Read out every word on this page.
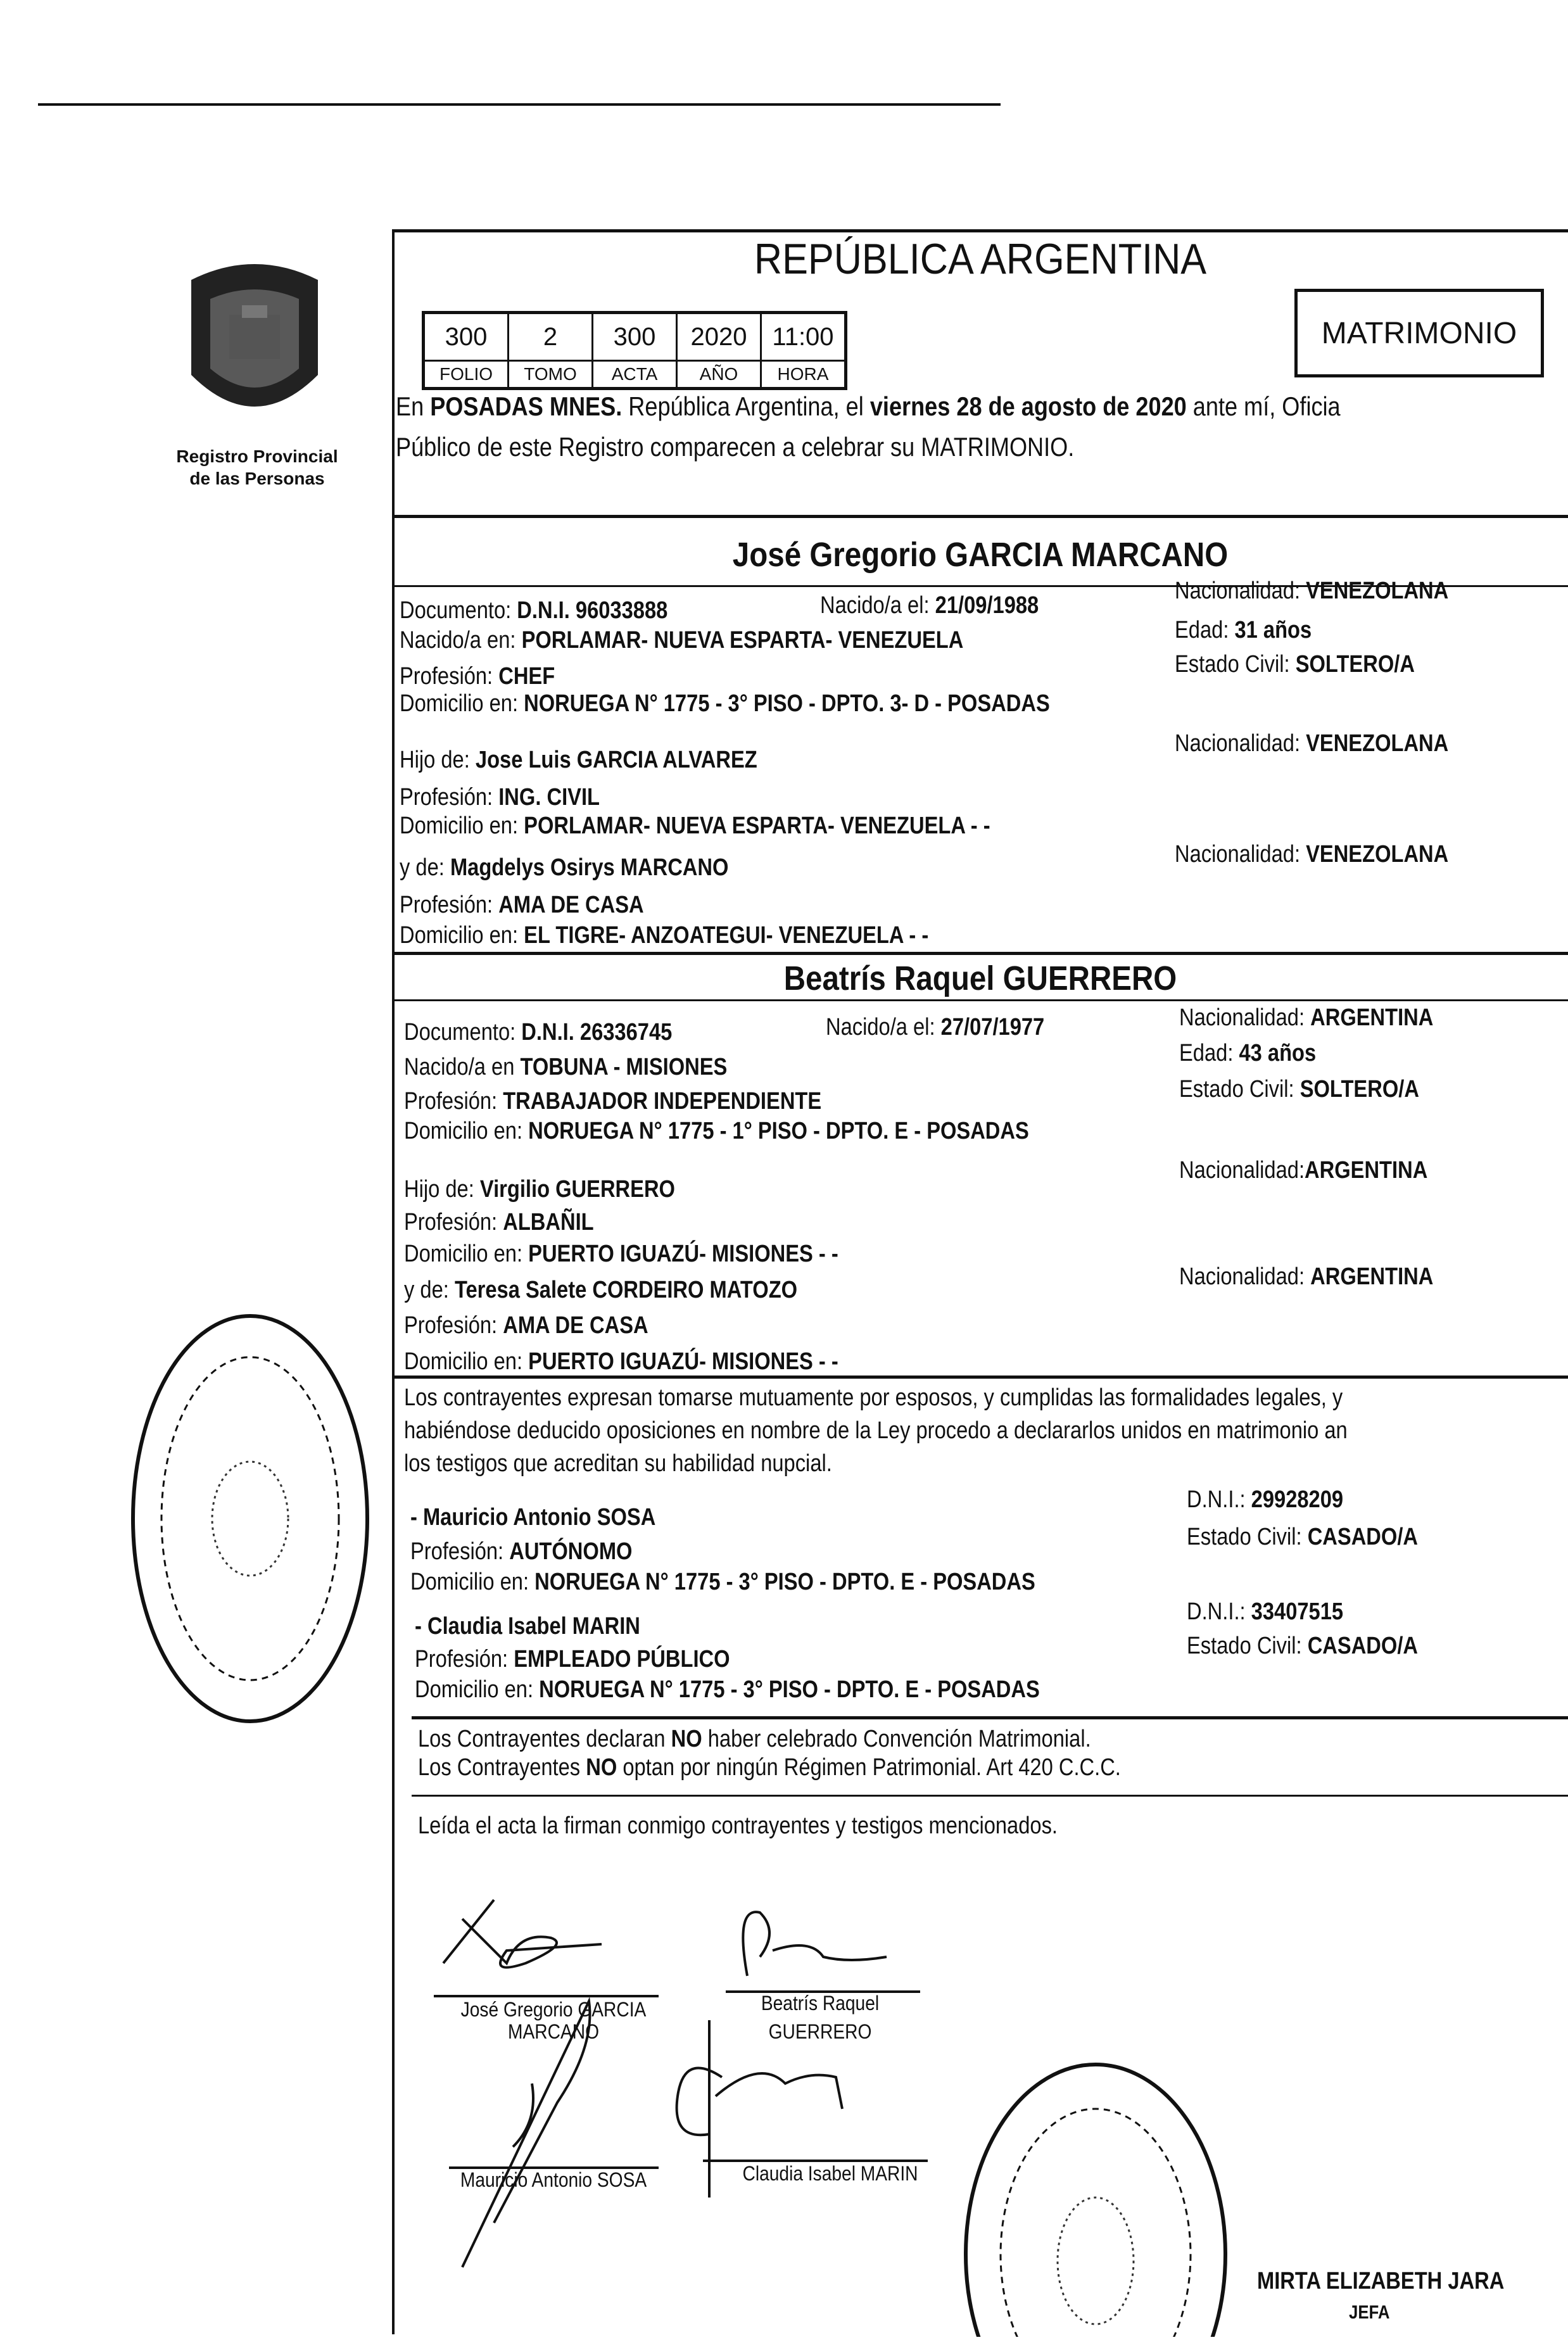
Registro Provincial
de las Personas
REPÚBLICA ARGENTINA
300	2	300	2020	11:00
FOLIO	TOMO	ACTA	AÑO	HORA
MATRIMONIO
En POSADAS MNES. República Argentina, el viernes 28 de agosto de 2020 ante mí, Oficia
Público de este Registro comparecen a celebrar su MATRIMONIO.
José Gregorio GARCIA MARCANO
Documento: D.N.I. 96033888	Nacido/a el: 21/09/1988
Nacionalidad: VENEZOLANA
Nacido/a en: PORLAMAR- NUEVA ESPARTA- VENEZUELA	Edad: 31 años
Estado Civil: SOLTERO/A
Profesión: CHEF
Domicilio en: NORUEGA N° 1775 - 3° PISO - DPTO. 3- D - POSADAS
Hijo de: Jose Luis GARCIA ALVAREZ
Nacionalidad: VENEZOLANA
Profesión: ING. CIVIL
Domicilio en: PORLAMAR- NUEVA ESPARTA- VENEZUELA - -
y de: Magdelys Osirys MARCANO	Nacionalidad: VENEZOLANA
Profesión: AMA DE CASA
Domicilio en: EL TIGRE- ANZOATEGUI- VENEZUELA - -
Beatrís Raquel GUERRERO
Documento: D.N.I. 26336745	Nacido/a el: 27/07/1977	Nacionalidad: ARGENTINA
Nacido/a en TOBUNA - MISIONES
Edad: 43 años
Estado Civil: SOLTERO/A
Profesión: TRABAJADOR INDEPENDIENTE
Domicilio en: NORUEGA N° 1775 - 1° PISO - DPTO. E - POSADAS
Hijo de: Virgilio GUERRERO
Nacionalidad:ARGENTINA
Profesión: ALBAÑIL
Domicilio en: PUERTO IGUAZÚ- MISIONES - -
y de: Teresa Salete CORDEIRO MATOZO	Nacionalidad: ARGENTINA
Profesión: AMA DE CASA
Domicilio en: PUERTO IGUAZÚ- MISIONES - -
Los contrayentes expresan tomarse mutuamente por esposos, y cumplidas las formalidades legales, y
habiéndose deducido oposiciones en nombre de la Ley procedo a declararlos unidos en matrimonio an
los testigos que acreditan su habilidad nupcial.
- Mauricio Antonio SOSA
D.N.I.: 29928209
Estado Civil: CASADO/A
Profesión: AUTÓNOMO
Domicilio en: NORUEGA N° 1775 - 3° PISO - DPTO. E - POSADAS
- Claudia Isabel MARIN
D.N.I.: 33407515
Estado Civil: CASADO/A
Profesión: EMPLEADO PÚBLICO
Domicilio en: NORUEGA N° 1775 - 3° PISO - DPTO. E - POSADAS
Los Contrayentes declaran NO haber celebrado Convención Matrimonial.
Los Contrayentes NO optan por ningún Régimen Patrimonial. Art 420 C.C.C.
Leída el acta la firman conmigo contrayentes y testigos mencionados.
José Gregorio GARCIA
MARCANO
Beatrís Raquel
GUERRERO
Mauricio Antonio SOSA	Claudia Isabel MARIN
MIRTA ELIZABETH JARA
JEFA
